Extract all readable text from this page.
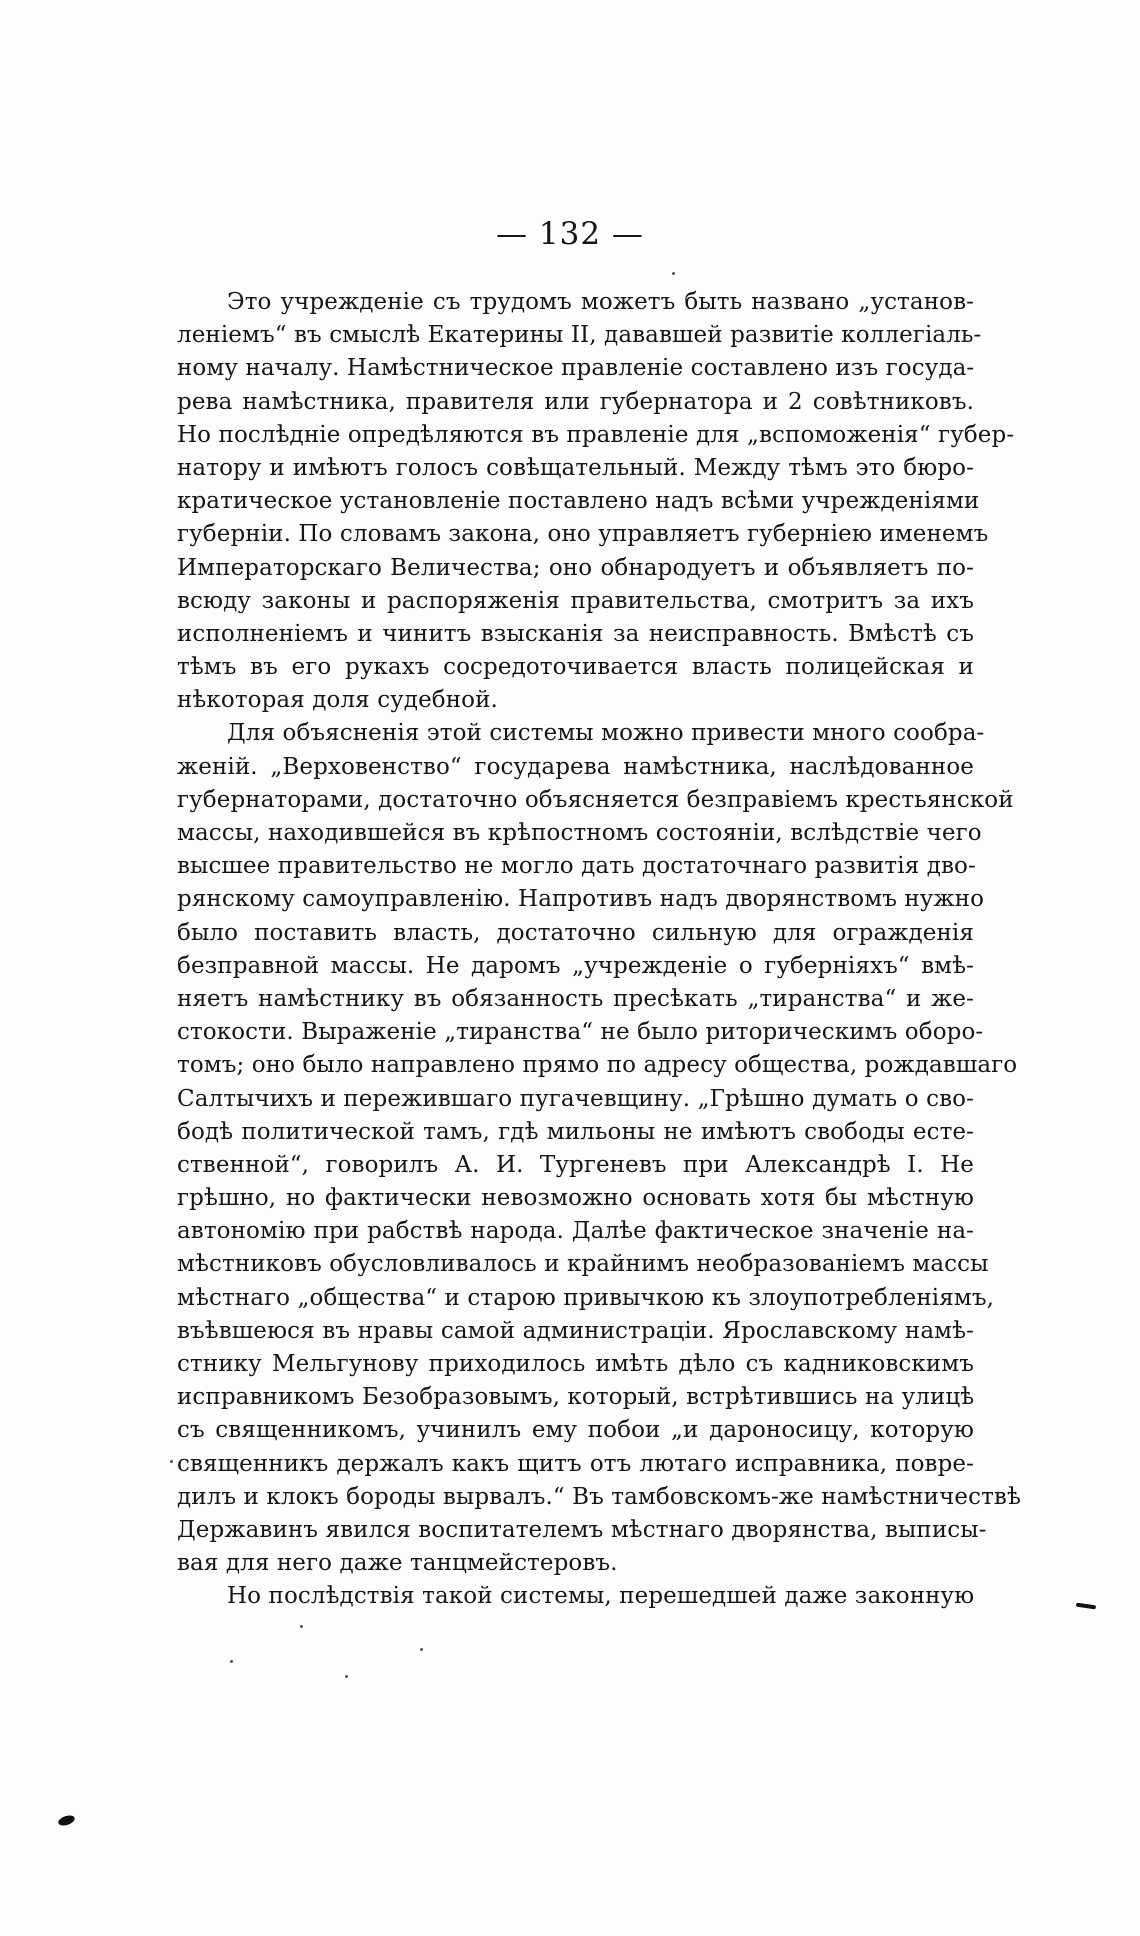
— 132 —
Это учрежденіе съ трудомъ можетъ быть названо „установ-
леніемъ“ въ смыслѣ Екатерины II, дававшей развитіе коллегіаль-
ному началу. Намѣстническое правленіе составлено изъ госуда-
рева намѣстника, правителя или губернатора и 2 совѣтниковъ.
Но послѣдніе опредѣляются въ правленіе для „вспоможенія“ губер-
натору и имѣютъ голосъ совѣщательный. Между тѣмъ это бюро-
кратическое установленіе поставлено надъ всѣми учрежденіями
губерніи. По словамъ закона, оно управляетъ губерніею именемъ
Императорскаго Величества; оно обнародуетъ и объявляетъ по-
всюду законы и распоряженія правительства, смотритъ за ихъ
исполненіемъ и чинитъ взысканія за неисправность. Вмѣстѣ съ
тѣмъ въ его рукахъ сосредоточивается власть полицейская и
нѣкоторая доля судебной.
Для объясненія этой системы можно привести много сообра-
женій. „Верховенство“ государева намѣстника, наслѣдованное
губернаторами, достаточно объясняется безправіемъ крестьянской
массы, находившейся въ крѣпостномъ состояніи, вслѣдствіе чего
высшее правительство не могло дать достаточнаго развитія дво-
рянскому самоуправленію. Напротивъ надъ дворянствомъ нужно
было поставить власть, достаточно сильную для огражденія
безправной массы. Не даромъ „учрежденіе о губерніяхъ“ вмѣ-
няетъ намѣстнику въ обязанность пресѣкать „тиранства“ и же-
стокости. Выраженіе „тиранства“ не было риторическимъ оборо-
томъ; оно было направлено прямо по адресу общества, рождавшаго
Салтычихъ и пережившаго пугачевщину. „Грѣшно думать о сво-
бодѣ политической тамъ, гдѣ мильоны не имѣютъ свободы есте-
ственной“, говорилъ А. И. Тургеневъ при Александрѣ I. Не
грѣшно, но фактически невозможно основать хотя бы мѣстную
автономію при рабствѣ народа. Далѣе фактическое значеніе на-
мѣстниковъ обусловливалось и крайнимъ необразованіемъ массы
мѣстнаго „общества“ и старою привычкою къ злоупотребленіямъ,
въѣвшеюся въ нравы самой администраціи. Ярославскому намѣ-
стнику Мельгунову приходилось имѣть дѣло съ кадниковскимъ
исправникомъ Безобразовымъ, который, встрѣтившись на улицѣ
съ священникомъ, учинилъ ему побои „и дароносицу, которую
священникъ держалъ какъ щитъ отъ лютаго исправника, повре-
дилъ и клокъ бороды вырвалъ.“ Въ тамбовскомъ-же намѣстничествѣ
Державинъ явился воспитателемъ мѣстнаго дворянства, выписы-
вая для него даже танцмейстеровъ.
Но послѣдствія такой системы, перешедшей даже законную
